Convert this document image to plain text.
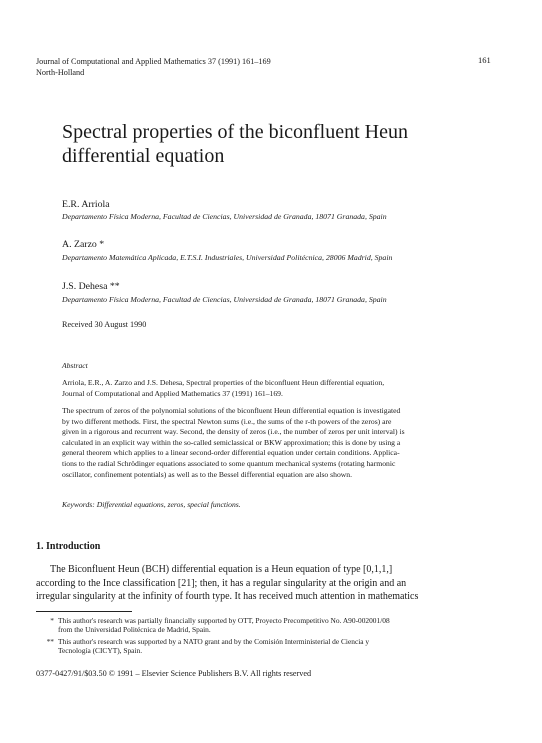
Journal of Computational and Applied Mathematics 37 (1991) 161–169
North-Holland
161
Spectral properties of the biconfluent Heun
differential equation
E.R. Arriola
Departamento Física Moderna, Facultad de Ciencias, Universidad de Granada, 18071 Granada, Spain
A. Zarzo *
Departamento Matemática Aplicada, E.T.S.I. Industriales, Universidad Politécnica, 28006 Madrid, Spain
J.S. Dehesa **
Departamento Física Moderna, Facultad de Ciencias, Universidad de Granada, 18071 Granada, Spain
Received 30 August 1990
Abstract

Arriola, E.R., A. Zarzo and J.S. Dehesa, Spectral properties of the biconfluent Heun differential equation,

Journal of Computational and Applied Mathematics 37 (1991) 161–169.

The spectrum of zeros of the polynomial solutions of the biconfluent Heun differential equation is investigated

by two different methods. First, the spectral Newton sums (i.e., the sums of the r-th powers of the zeros) are

given in a rigorous and recurrent way. Second, the density of zeros (i.e., the number of zeros per unit interval) is

calculated in an explicit way within the so-called semiclassical or BKW approximation; this is done by using a

general theorem which applies to a linear second-order differential equation under certain conditions. Applica-

tions to the radial Schrödinger equations associated to some quantum mechanical systems (rotating harmonic

oscillator, confinement potentials) as well as to the Bessel differential equation are also shown.

Keywords: Differential equations, zeros, special functions.
1. Introduction

The Biconfluent Heun (BCH) differential equation is a Heun equation of type [0,1,1,]

according to the Ince classification [21]; then, it has a regular singularity at the origin and an

irregular singularity at the infinity of fourth type. It has received much attention in mathematics

* This author's research was partially financially supported by OTT, Proyecto Precompetitivo No. A90-002001/08

from the Universidad Politécnica de Madrid, Spain.

** This author's research was supported by a NATO grant and by the Comisión Interministerial de Ciencia y

Tecnología (CICYT), Spain.

0377-0427/91/$03.50 © 1991 – Elsevier Science Publishers B.V. All rights reserved
